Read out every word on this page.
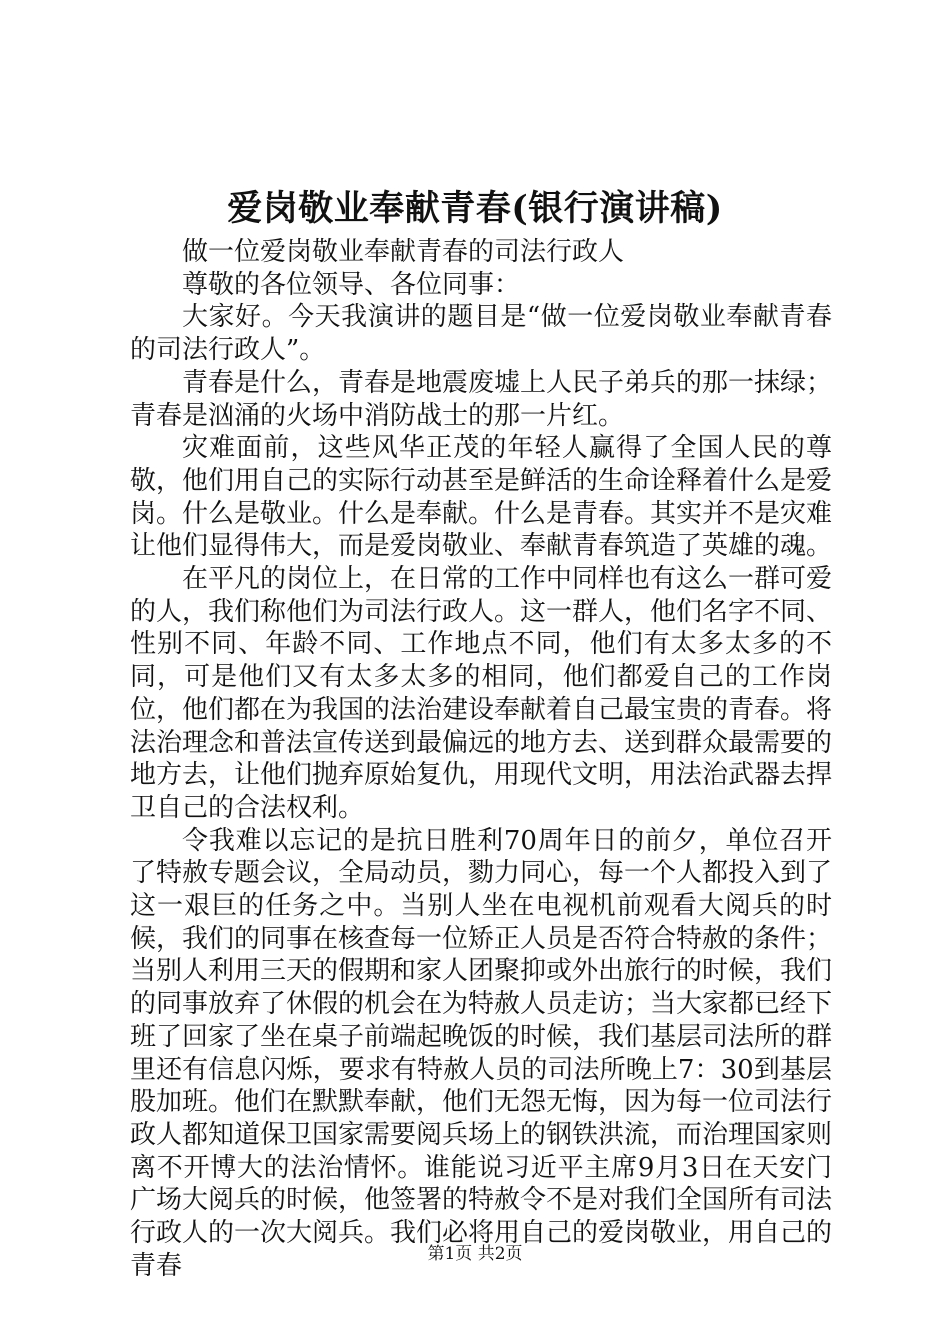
爱岗敬业奉献青春(银行演讲稿)

做一位爱岗敬业奉献青春的司法行政人

尊敬的各位领导、各位同事：

大家好。今天我演讲的题目是“做一位爱岗敬业奉献青春的司法行政人”。

青春是什么，青春是地震废墟上人民子弟兵的那一抹绿；青春是汹涌的火场中消防战士的那一片红。

灾难面前，这些风华正茂的年轻人赢得了全国人民的尊敬，他们用自己的实际行动甚至是鲜活的生命诠释着什么是爱岗。什么是敬业。什么是奉献。什么是青春。其实并不是灾难让他们显得伟大，而是爱岗敬业、奉献青春筑造了英雄的魂。

在平凡的岗位上，在日常的工作中同样也有这么一群可爱的人，我们称他们为司法行政人。这一群人，他们名字不同、性别不同、年龄不同、工作地点不同，他们有太多太多的不同，可是他们又有太多太多的相同，他们都爱自己的工作岗位，他们都在为我国的法治建设奉献着自己最宝贵的青春。将法治理念和普法宣传送到最偏远的地方去、送到群众最需要的地方去，让他们抛弃原始复仇，用现代文明，用法治武器去捍卫自己的合法权利。

令我难以忘记的是抗日胜利70周年日的前夕，单位召开了特赦专题会议，全局动员，勠力同心，每一个人都投入到了这一艰巨的任务之中。当别人坐在电视机前观看大阅兵的时候，我们的同事在核查每一位矫正人员是否符合特赦的条件；当别人利用三天的假期和家人团聚抑或外出旅行的时候，我们的同事放弃了休假的机会在为特赦人员走访；当大家都已经下班了回家了坐在桌子前端起晚饭的时候，我们基层司法所的群里还有信息闪烁，要求有特赦人员的司法所晚上7：30到基层股加班。他们在默默奉献，他们无怨无悔，因为每一位司法行政人都知道保卫国家需要阅兵场上的钢铁洪流，而治理国家则离不开博大的法治情怀。谁能说习近平主席9月3日在天安门广场大阅兵的时候，他签署的特赦令不是对我们全国所有司法行政人的一次大阅兵。我们必将用自己的爱岗敬业，用自己的青春	第1页 共2页
